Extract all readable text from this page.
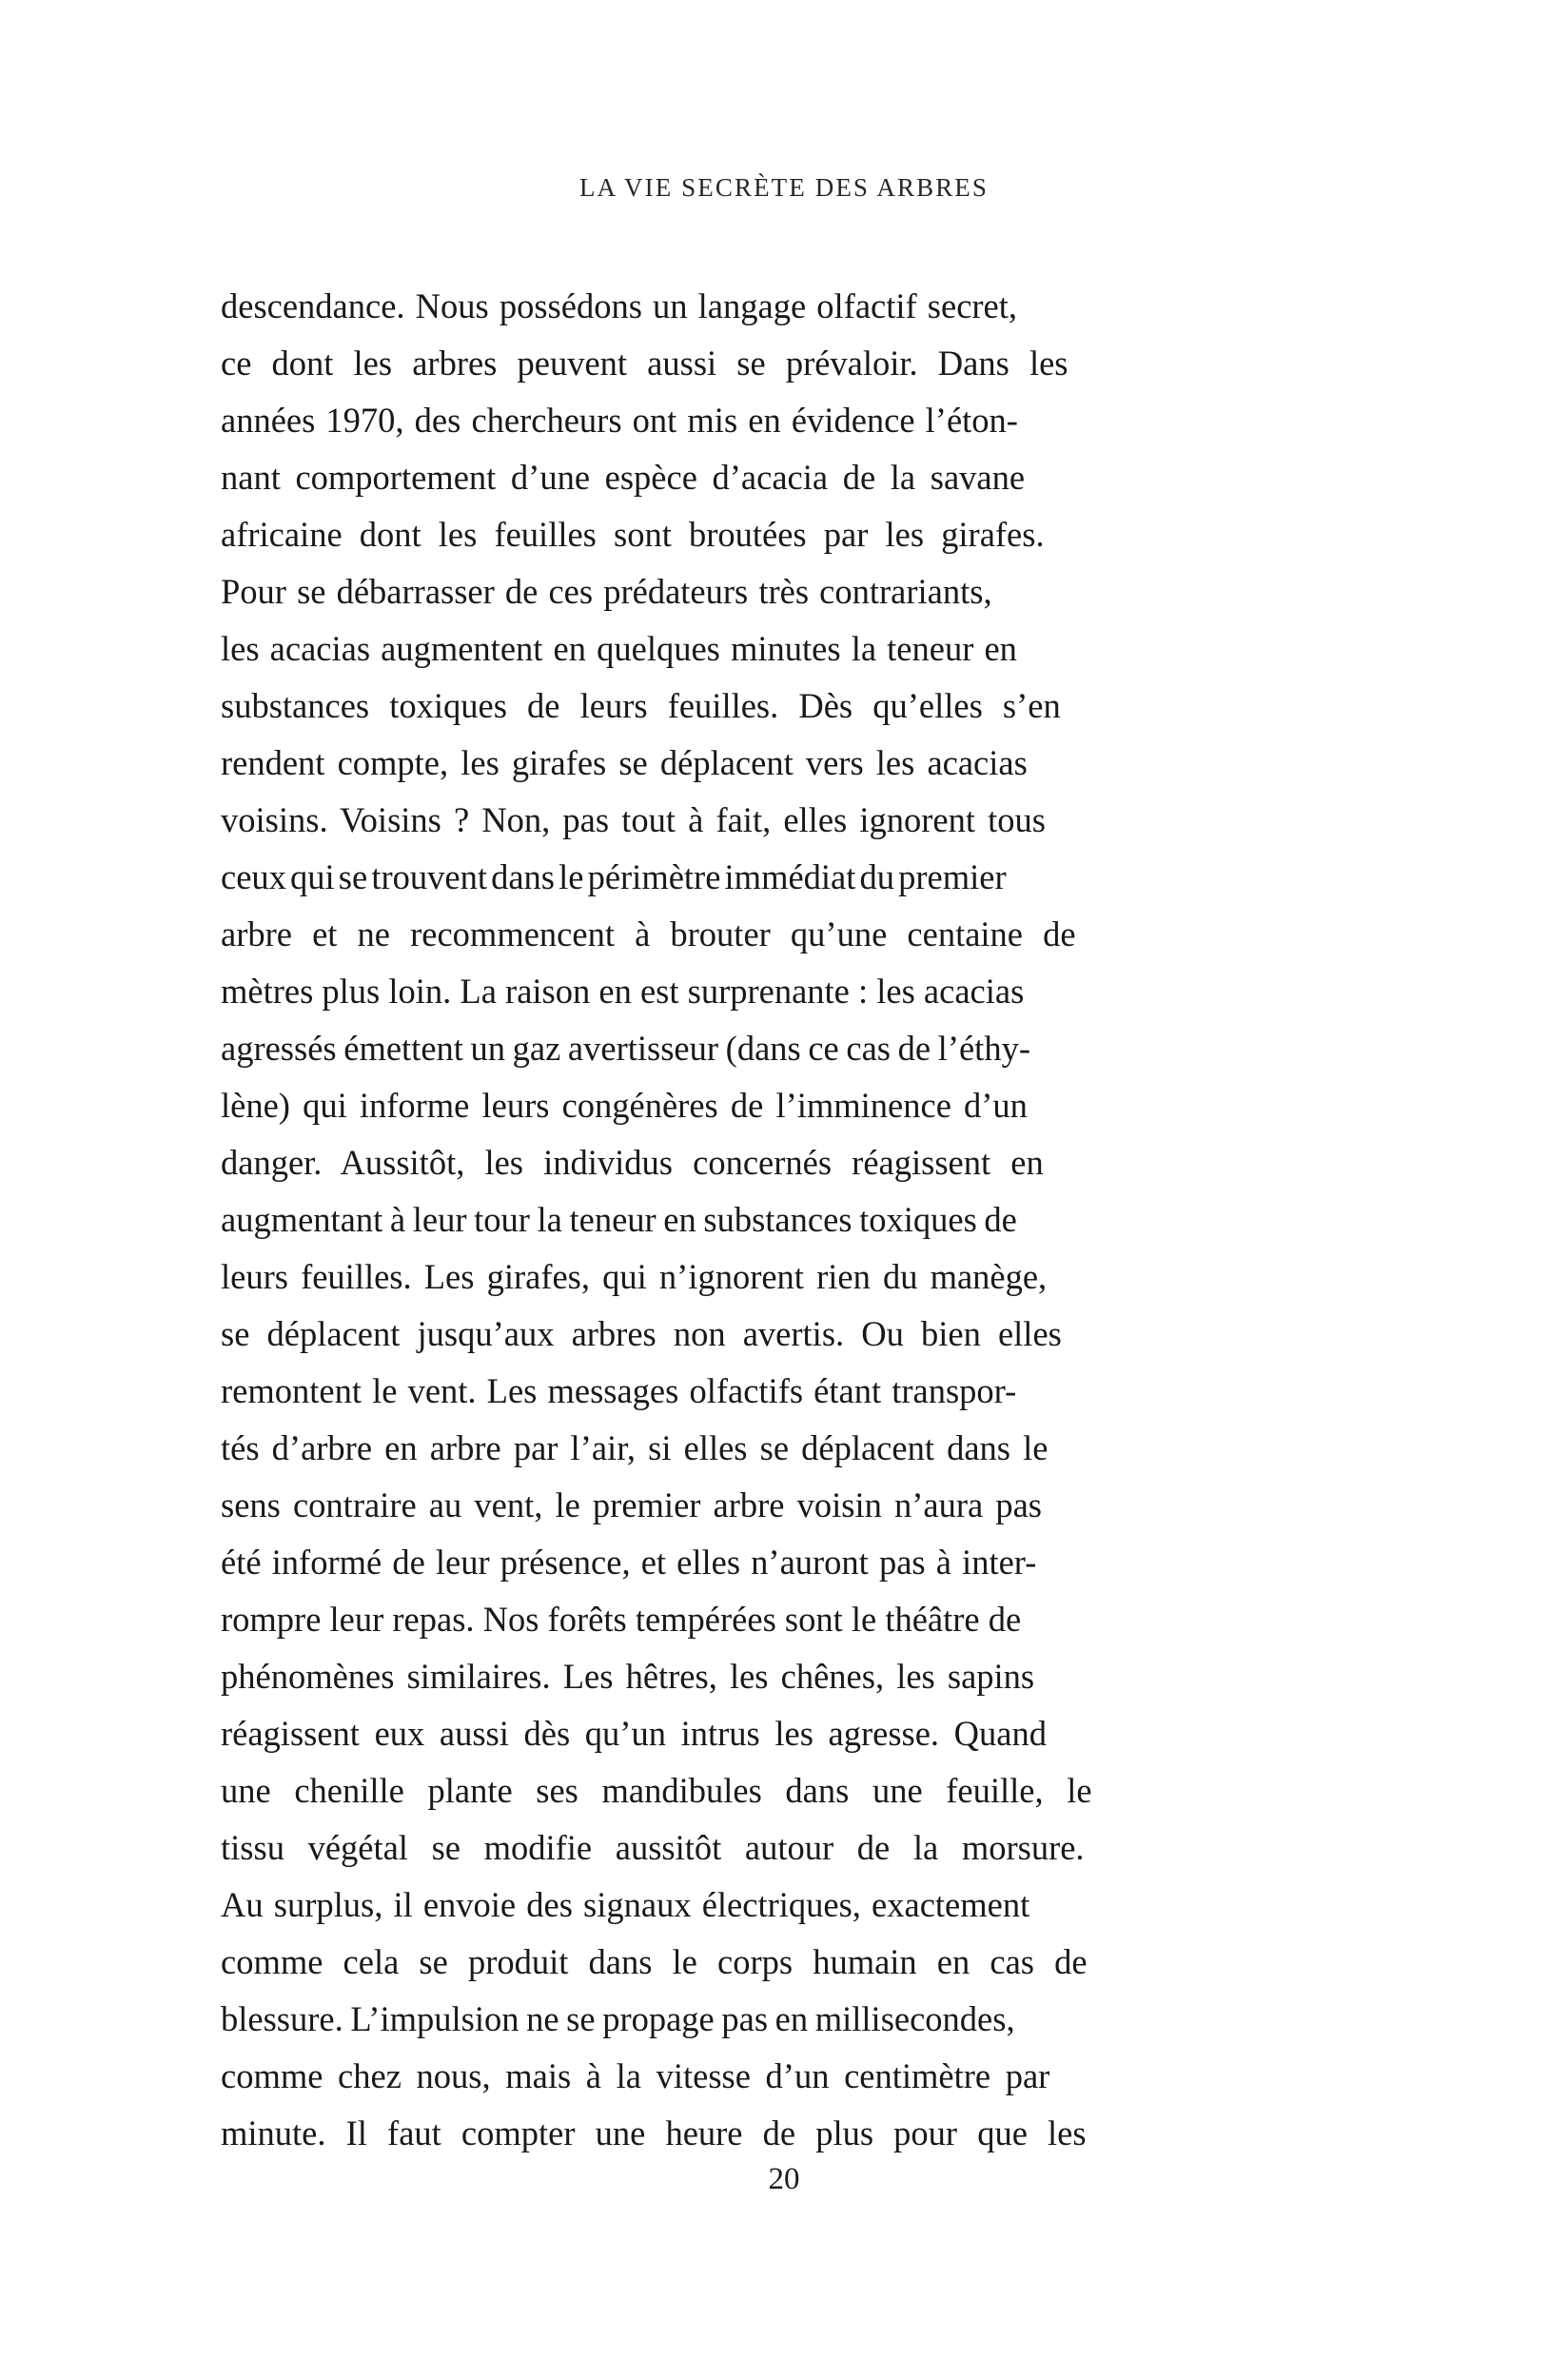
LA VIE SECRÈTE DES ARBRES
descendance. Nous possédons un langage olfactif secret,
ce dont les arbres peuvent aussi se prévaloir. Dans les
années 1970, des chercheurs ont mis en évidence l’éton-
nant comportement d’une espèce d’acacia de la savane
africaine dont les feuilles sont broutées par les girafes.
Pour se débarrasser de ces prédateurs très contrariants,
les acacias augmentent en quelques minutes la teneur en
substances toxiques de leurs feuilles. Dès qu’elles s’en
rendent compte, les girafes se déplacent vers les acacias
voisins. Voisins ? Non, pas tout à fait, elles ignorent tous
ceux qui se trouvent dans le périmètre immédiat du premier
arbre et ne recommencent à brouter qu’une centaine de
mètres plus loin. La raison en est surprenante : les acacias
agressés émettent un gaz avertisseur (dans ce cas de l’éthy-
lène) qui informe leurs congénères de l’imminence d’un
danger. Aussitôt, les individus concernés réagissent en
augmentant à leur tour la teneur en substances toxiques de
leurs feuilles. Les girafes, qui n’ignorent rien du manège,
se déplacent jusqu’aux arbres non avertis. Ou bien elles
remontent le vent. Les messages olfactifs étant transpor-
tés d’arbre en arbre par l’air, si elles se déplacent dans le
sens contraire au vent, le premier arbre voisin n’aura pas
été informé de leur présence, et elles n’auront pas à inter-
rompre leur repas. Nos forêts tempérées sont le théâtre de
phénomènes similaires. Les hêtres, les chênes, les sapins
réagissent eux aussi dès qu’un intrus les agresse. Quand
une chenille plante ses mandibules dans une feuille, le
tissu végétal se modifie aussitôt autour de la morsure.
Au surplus, il envoie des signaux électriques, exactement
comme cela se produit dans le corps humain en cas de
blessure. L’impulsion ne se propage pas en millisecondes,
comme chez nous, mais à la vitesse d’un centimètre par
minute. Il faut compter une heure de plus pour que les
20
